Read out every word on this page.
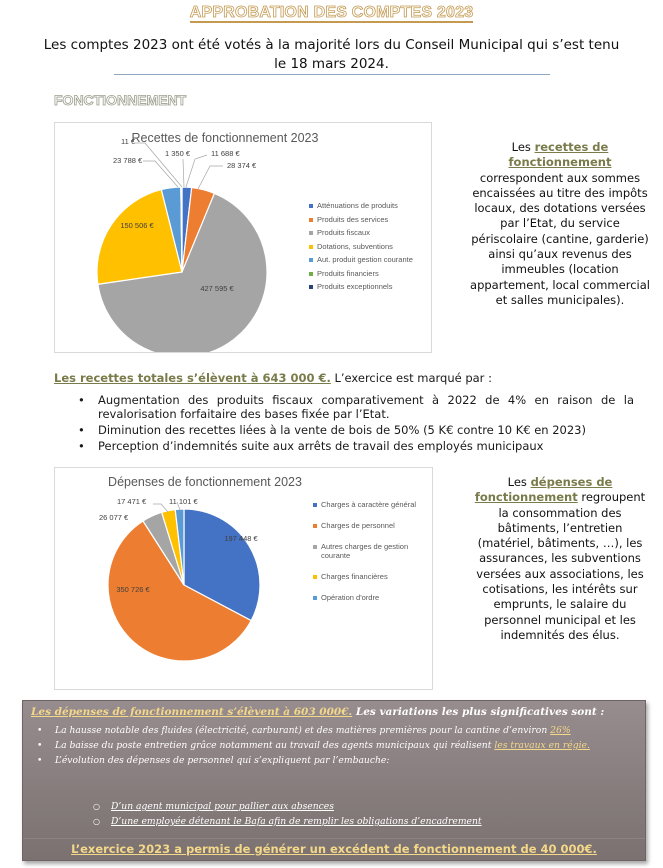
APPROBATION DES COMPTES 2023
Les comptes 2023 ont été votés à la majorité lors du Conseil Municipal qui s’est tenu le 18 mars 2024.
FONCTIONNEMENT
Recettes de fonctionnement 2023
11 688 €
28 374 €
427 595 €
150 506 €
23 788 €
11 €
1 350 €
Atténuations de produits
Produits des services
Produits fiscaux
Dotations, subventions
Aut. produit gestion courante
Produits financiers
Produits exceptionnels
Les recettes de fonctionnement correspondent aux sommes encaissées au titre des impôts locaux, des dotations versées par l’Etat, du service périscolaire (cantine, garderie) ainsi qu’aux revenus des immeubles (location appartement, local commercial et salles municipales).
Les recettes totales s’élèvent à 643 000 €. L’exercice est marqué par :
• Augmentation des produits fiscaux comparativement à 2022 de 4% en raison de la revalorisation forfaitaire des bases fixée par l’Etat.
• Diminution des recettes liées à la vente de bois de 50% (5 K€ contre 10 K€ en 2023)
• Perception d’indemnités suite aux arrêts de travail des employés municipaux
Dépenses de fonctionnement 2023
197 448 €
350 726 €
26 077 €
17 471 €	11 101 €	Charges à caractère général
Charges de personnel
Autres charges de gestion courante
Charges financières
Opération d'ordre
Les dépenses de fonctionnement regroupent la consommation des bâtiments, l’entretien (matériel, bâtiments, …), les assurances, les subventions versées aux associations, les cotisations, les intérêts sur emprunts, le salaire du personnel municipal et les indemnités des élus.
Les dépenses de fonctionnement s’élèvent à 603 000€. Les variations les plus significatives sont :
• La hausse notable des fluides (électricité, carburant) et des matières premières pour la cantine d’environ 26%
• La baisse du poste entretien grâce notamment au travail des agents municipaux qui réalisent les travaux en régie.
• L’évolution des dépenses de personnel qui s’expliquent par l’embauche:
○ D’un agent municipal pour pallier aux absences
○ D’une employée détenant le Bafa afin de remplir les obligations d’encadrement
L’exercice 2023 a permis de générer un excédent de fonctionnement de 40 000€.
